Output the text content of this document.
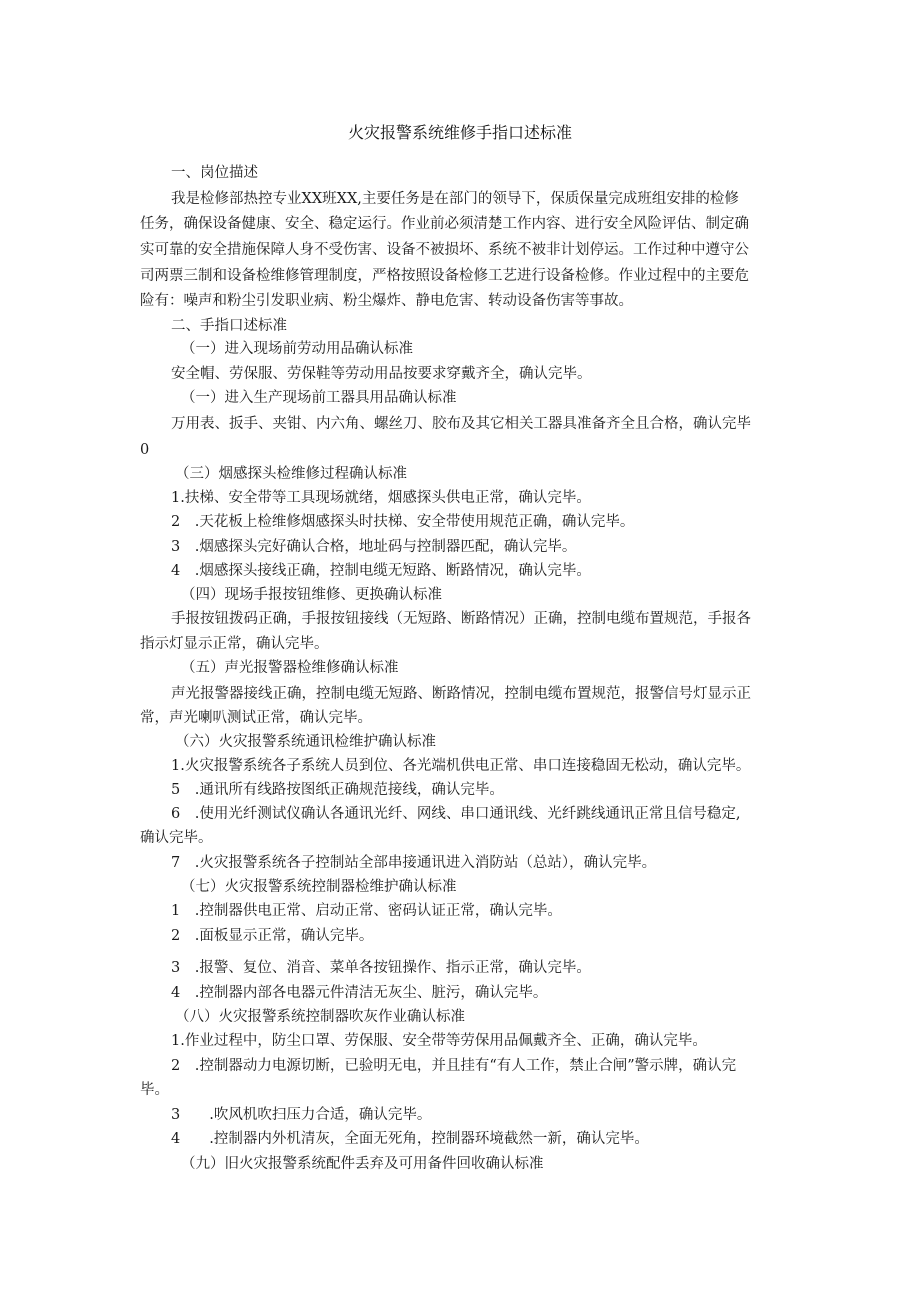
火灾报警系统维修手指口述标准
一、岗位描述
我是检修部热控专业XX班XX,主要任务是在部门的领导下，保质保量完成班组安排的检修
任务，确保设备健康、安全、稳定运行。作业前必须清楚工作内容、进行安全风险评估、制定确
实可靠的安全措施保障人身不受伤害、设备不被损坏、系统不被非计划停运。工作过种中遵守公
司两票三制和设备检维修管理制度，严格按照设备检修工艺进行设备检修。作业过程中的主要危
险有：噪声和粉尘引发职业病、粉尘爆炸、静电危害、转动设备伤害等事故。
二、手指口述标准
（一）进入现场前劳动用品确认标准
安全帽、劳保服、劳保鞋等劳动用品按要求穿戴齐全，确认完毕。
（一）进入生产现场前工器具用品确认标准
万用表、扳手、夹钳、内六角、螺丝刀、胶布及其它相关工器具准备齐全且合格，确认完毕
0
（三）烟感探头检维修过程确认标准
1.扶梯、安全带等工具现场就绪，烟感探头供电正常，确认完毕。
2　.天花板上检维修烟感探头时扶梯、安全带使用规范正确，确认完毕。
3　.烟感探头完好确认合格，地址码与控制器匹配，确认完毕。
4　.烟感探头接线正确，控制电缆无短路、断路情况，确认完毕。
（四）现场手报按钮维修、更换确认标准
手报按钮拨码正确，手报按钮接线（无短路、断路情况）正确，控制电缆布置规范，手报各
指示灯显示正常，确认完毕。
（五）声光报警器检维修确认标准
声光报警器接线正确，控制电缆无短路、断路情况，控制电缆布置规范，报警信号灯显示正
常，声光喇叭测试正常，确认完毕。
（六）火灾报警系统通讯检维护确认标准
1.火灾报警系统各子系统人员到位、各光端机供电正常、串口连接稳固无松动，确认完毕。
5　.通讯所有线路按图纸正确规范接线，确认完毕。
6　.使用光纤测试仪确认各通讯光纤、网线、串口通讯线、光纤跳线通讯正常且信号稳定,
确认完毕。
7　.火灾报警系统各子控制站全部串接通讯进入消防站（总站），确认完毕。
（七）火灾报警系统控制器检维护确认标准
1　.控制器供电正常、启动正常、密码认证正常，确认完毕。
2　.面板显示正常，确认完毕。
3　.报警、复位、消音、菜单各按钮操作、指示正常，确认完毕。
4　.控制器内部各电器元件清洁无灰尘、脏污，确认完毕。
（八）火灾报警系统控制器吹灰作业确认标准
1.作业过程中，防尘口罩、劳保服、安全带等劳保用品佩戴齐全、正确，确认完毕。
2　.控制器动力电源切断，已验明无电，并且挂有“有人工作，禁止合闸”警示牌，确认完
毕。
3　　.吹风机吹扫压力合适，确认完毕。
4　　.控制器内外机清灰，全面无死角，控制器环境截然一新，确认完毕。
（九）旧火灾报警系统配件丢弃及可用备件回收确认标准
